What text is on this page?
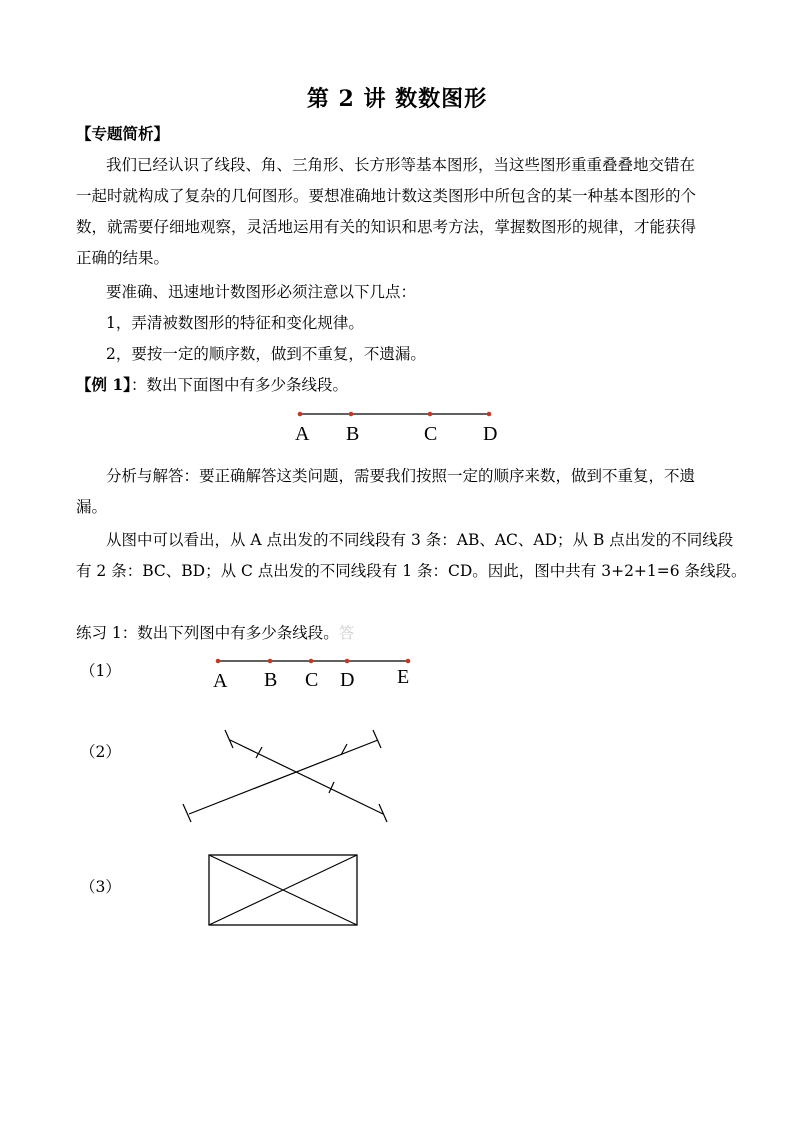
第 2 讲 数数图形
【专题简析】
我们已经认识了线段、角、三角形、长方形等基本图形，当这些图形重重叠叠地交错在
一起时就构成了复杂的几何图形。要想准确地计数这类图形中所包含的某一种基本图形的个
数，就需要仔细地观察，灵活地运用有关的知识和思考方法，掌握数图形的规律，才能获得
正确的结果。
要准确、迅速地计数图形必须注意以下几点：
1，弄清被数图形的特征和变化规律。
2，要按一定的顺序数，做到不重复，不遗漏。
【例 1】：数出下面图中有多少条线段。
A B	C D
分析与解答：要正确解答这类问题，需要我们按照一定的顺序来数，做到不重复，不遗
漏。
从图中可以看出，从 A 点出发的不同线段有 3 条：AB、AC、AD；从 B 点出发的不同线段
有 2 条：BC、BD；从 C 点出发的不同线段有 1 条：CD。因此，图中共有 3+2+1=6 条线段。
练习 1：数出下列图中有多少条线段。答
（1）	A B C D E
（2）
（3）
